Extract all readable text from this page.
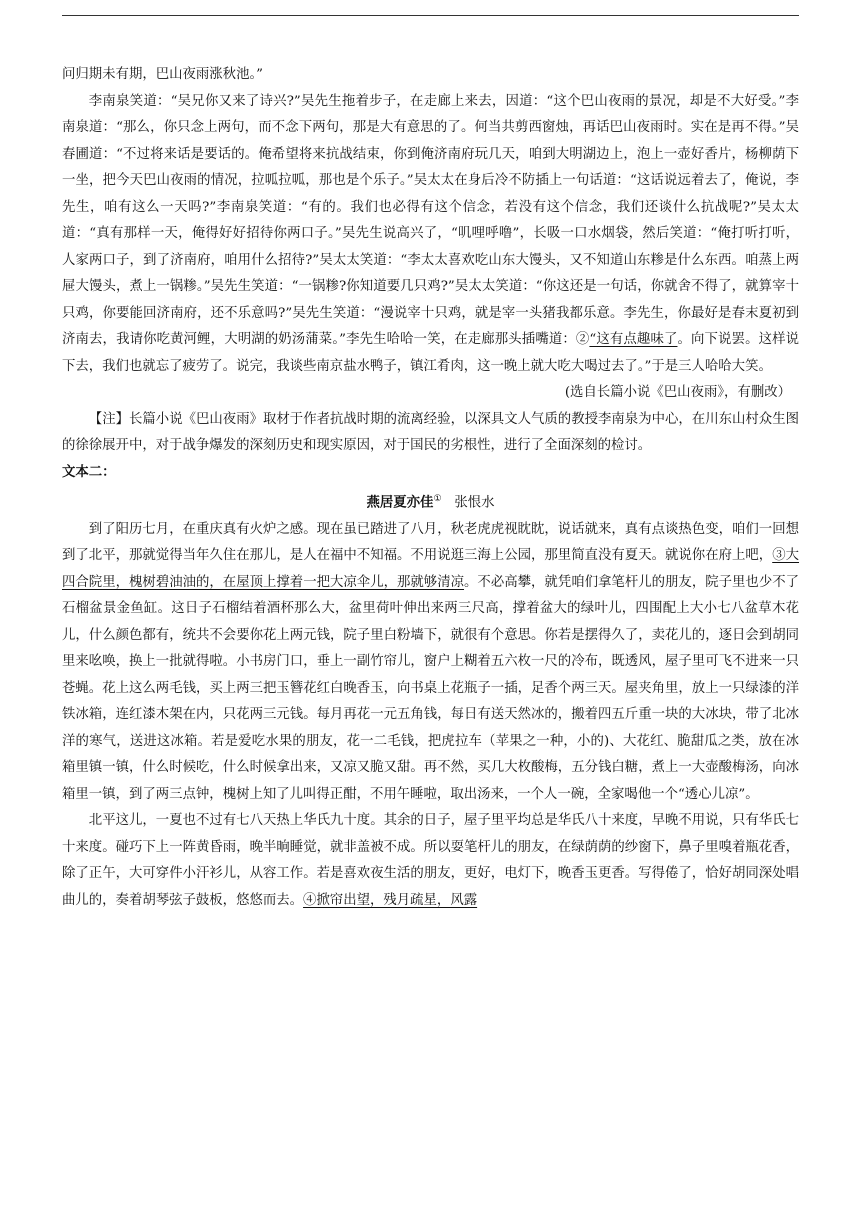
问归期未有期，巴山夜雨涨秋池。”

李南泉笑道：“吴兄你又来了诗兴?”吴先生拖着步子，在走廊上来去，因道：“这个巴山夜雨的景况，却是不大好受。”李南泉道：“那么，你只念上两句，而不念下两句，那是大有意思的了。何当共剪西窗烛，再话巴山夜雨时。实在是再不得。”吴春圃道：“不过将来话是要话的。俺希望将来抗战结束，你到俺济南府玩几天，咱到大明湖边上，泡上一壶好香片，杨柳荫下一坐，把今天巴山夜雨的情况，拉呱拉呱，那也是个乐子。”吴太太在身后冷不防插上一句话道：“这话说远着去了，俺说，李先生，咱有这么一天吗?”李南泉笑道：“有的。我们也必得有这个信念，若没有这个信念，我们还谈什么抗战呢?”吴太太道：“真有那样一天，俺得好好招待你两口子。”吴先生说高兴了，“叽哩呼噜”，长吸一口水烟袋，然后笑道：“俺打听打听，人家两口子，到了济南府，咱用什么招待?”吴太太笑道：“李太太喜欢吃山东大馒头，又不知道山东糁是什么东西。咱蒸上两屉大馒头，煮上一锅糁。”吴先生笑道：“一锅糁?你知道要几只鸡?”吴太太笑道：“你这还是一句话，你就舍不得了，就算宰十只鸡，你要能回济南府，还不乐意吗?”吴先生笑道：“漫说宰十只鸡，就是宰一头猪我都乐意。李先生，你最好是春末夏初到济南去，我请你吃黄河鲤，大明湖的奶汤蒲菜。”李先生哈哈一笑，在走廊那头插嘴道：②“这有点趣味了。向下说罢。这样说下去，我们也就忘了疲劳了。说完，我谈些南京盐水鸭子，镇江肴肉，这一晚上就大吃大喝过去了。”于是三人哈哈大笑。

(选自长篇小说《巴山夜雨》，有删改）

【注】长篇小说《巴山夜雨》取材于作者抗战时期的流离经验，以深具文人气质的教授李南泉为中心，在川东山村众生图的徐徐展开中，对于战争爆发的深刻历史和现实原因，对于国民的劣根性，进行了全面深刻的检讨。

文本二：

燕居夏亦佳① 张恨水

到了阳历七月，在重庆真有火炉之感。现在虽已踏进了八月，秋老虎虎视眈眈，说话就来，真有点谈热色变，咱们一回想到了北平，那就觉得当年久住在那儿，是人在福中不知福。不用说逛三海上公园，那里简直没有夏天。就说你在府上吧，③大四合院里，槐树碧油油的，在屋顶上撑着一把大凉伞儿，那就够清凉。不必高攀，就凭咱们拿笔杆儿的朋友，院子里也少不了石榴盆景金鱼缸。这日子石榴结着酒杯那么大，盆里荷叶伸出来两三尺高，撑着盆大的绿叶儿，四围配上大小七八盆草木花儿，什么颜色都有，统共不会要你花上两元钱，院子里白粉墙下，就很有个意思。你若是摆得久了，卖花儿的，逐日会到胡同里来吆唤，换上一批就得啦。小书房门口，垂上一副竹帘儿，窗户上糊着五六枚一尺的冷布，既透风，屋子里可飞不进来一只苍蝇。花上这么两毛钱，买上两三把玉簪花红白晚香玉，向书桌上花瓶子一插，足香个两三天。屋夹角里，放上一只绿漆的洋铁冰箱，连红漆木架在内，只花两三元钱。每月再花一元五角钱，每日有送天然冰的，搬着四五斤重一块的大冰块，带了北冰洋的寒气，送进这冰箱。若是爱吃水果的朋友，花一二毛钱，把虎拉车（苹果之一种，小的)、大花红、脆甜瓜之类，放在冰箱里镇一镇，什么时候吃，什么时候拿出来，又凉又脆又甜。再不然，买几大枚酸梅，五分钱白糖，煮上一大壶酸梅汤，向冰箱里一镇，到了两三点钟，槐树上知了儿叫得正酣，不用午睡啦，取出汤来，一个人一碗，全家喝他一个“透心儿凉”。

北平这儿，一夏也不过有七八天热上华氏九十度。其余的日子，屋子里平均总是华氏八十来度，早晚不用说，只有华氏七十来度。碰巧下上一阵黄昏雨，晚半晌睡觉，就非盖被不成。所以耍笔杆儿的朋友，在绿荫荫的纱窗下，鼻子里嗅着瓶花香，除了正午，大可穿件小汗衫儿，从容工作。若是喜欢夜生活的朋友，更好，电灯下，晚香玉更香。写得倦了，恰好胡同深处唱曲儿的，奏着胡琴弦子鼓板，悠悠而去。④掀帘出望，残月疏星，风露
